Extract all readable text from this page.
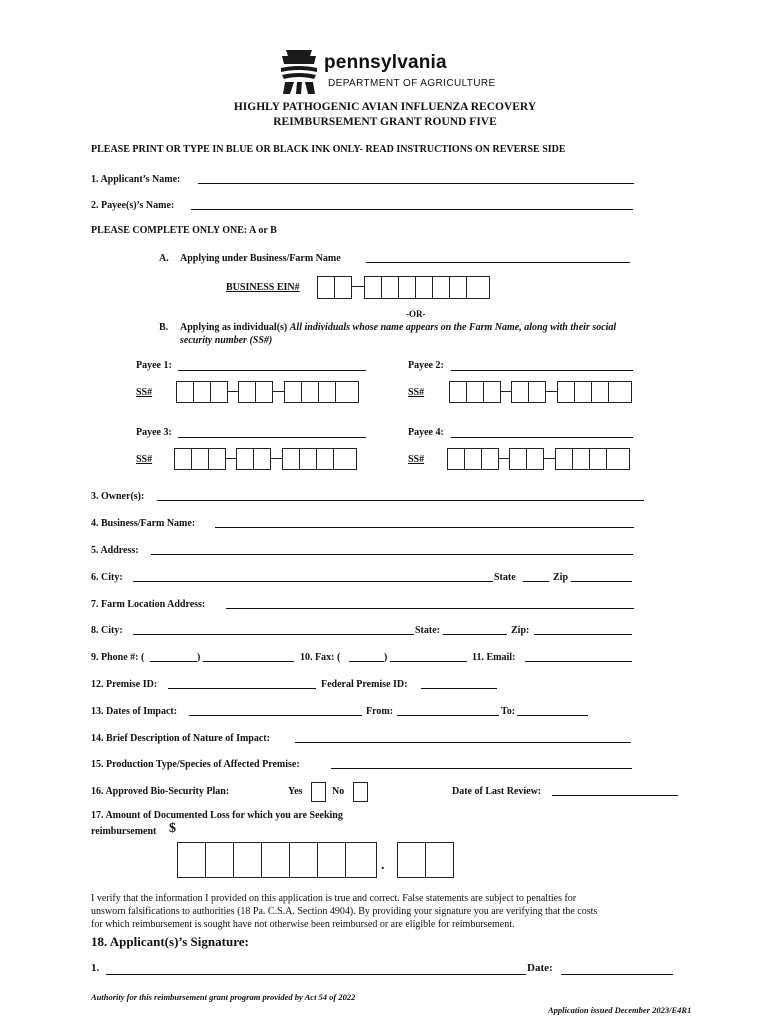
pennsylvania
DEPARTMENT OF AGRICULTURE
HIGHLY PATHOGENIC AVIAN INFLUENZA RECOVERY
REIMBURSEMENT GRANT ROUND FIVE
PLEASE PRINT OR TYPE IN BLUE OR BLACK INK ONLY- READ INSTRUCTIONS ON REVERSE SIDE
1. Applicant’s Name:
2. Payee(s)’s Name:
PLEASE COMPLETE ONLY ONE: A or B
A. Applying under Business/Farm Name
BUSINESS EIN#
-OR-
B. Applying as individual(s) All individuals whose name appears on the Farm Name, along with their social
security number (SS#)
Payee 1:	Payee 2:
SS#	SS#
Payee 3:	Payee 4:
SS#	SS#
3. Owner(s):
4. Business/Farm Name:
5. Address:
6. City:	State	Zip
7. Farm Location Address:
8. City:	State:	Zip:
9. Phone #: (	)	10. Fax: (	)	11. Email:
12. Premise ID:	Federal Premise ID:
13. Dates of Impact:	From:	To:
14. Brief Description of Nature of Impact:
15. Production Type/Species of Affected Premise:
16. Approved Bio-Security Plan:	Yes	No	Date of Last Review:
17. Amount of Documented Loss for which you are Seeking
reimbursement $
.
I verify that the information I provided on this application is true and correct. False statements are subject to penalties for
unsworn falsifications to authorities (18 Pa. C.S.A. Section 4904). By providing your signature you are verifying that the costs
for which reimbursement is sought have not otherwise been reimbursed or are eligible for reimbursement.
18. Applicant(s)’s Signature:
1.	Date:
Authority for this reimbursement grant program provided by Act 54 of 2022
Application issued December 2023/E4R1
